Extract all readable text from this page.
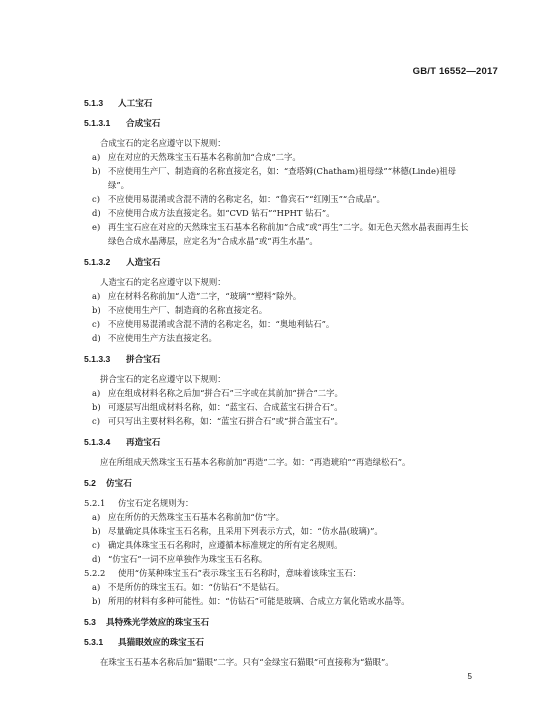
GB/T 16552—2017

5.1.3 人工宝石

5.1.3.1 合成宝石

合成宝石的定名应遵守以下规则：

a) 应在对应的天然珠宝玉石基本名称前加“合成”二字。
b) 不应使用生产厂、制造商的名称直接定名，如：“查塔姆(Chatham)祖母绿”“林德(Linde)祖母绿”。
c) 不应使用易混淆或含混不清的名称定名，如：“鲁宾石”“红刚玉”“合成品”。
d) 不应使用合成方法直接定名。如“CVD 钻石”“HPHT 钻石”。
e) 再生宝石应在对应的天然珠宝玉石基本名称前加“合成”或“再生”二字。如无色天然水晶表面再生长绿色合成水晶薄层，应定名为“合成水晶”或“再生水晶”。

5.1.3.2 人造宝石

人造宝石的定名应遵守以下规则：

a) 应在材料名称前加“人造”二字，“玻璃”“塑料”除外。
b) 不应使用生产厂、制造商的名称直接定名。
c) 不应使用易混淆或含混不清的名称定名，如：“奥地利钻石”。
d) 不应使用生产方法直接定名。

5.1.3.3 拼合宝石

拼合宝石的定名应遵守以下规则：

a) 应在组成材料名称之后加“拼合石”三字或在其前加“拼合”二字。
b) 可逐层写出组成材料名称，如：“蓝宝石、合成蓝宝石拼合石”。
c) 可只写出主要材料名称，如：“蓝宝石拼合石”或“拼合蓝宝石”。

5.1.3.4 再造宝石

应在所组成天然珠宝玉石基本名称前加“再造”二字。如：“再造琥珀”“再造绿松石”。

5.2 仿宝石

5.2.1	仿宝石定名规则为：
a) 应在所仿的天然珠宝玉石基本名称前加“仿”字。
b) 尽量确定具体珠宝玉石名称，且采用下列表示方式，如：“仿水晶(玻璃)”。
c) 确定具体珠宝玉石名称时，应遵循本标准规定的所有定名规则。
d) “仿宝石”一词不应单独作为珠宝玉石名称。
5.2.2	使用“仿某种珠宝玉石”表示珠宝玉石名称时，意味着该珠宝玉石：
a) 不是所仿的珠宝玉石。如：“仿钻石”不是钻石。
b) 所用的材料有多种可能性。如：“仿钻石”可能是玻璃、合成立方氧化锆或水晶等。

5.3 具特殊光学效应的珠宝玉石

5.3.1 具猫眼效应的珠宝玉石

在珠宝玉石基本名称后加“猫眼”二字。只有“金绿宝石猫眼”可直接称为“猫眼”。

5
